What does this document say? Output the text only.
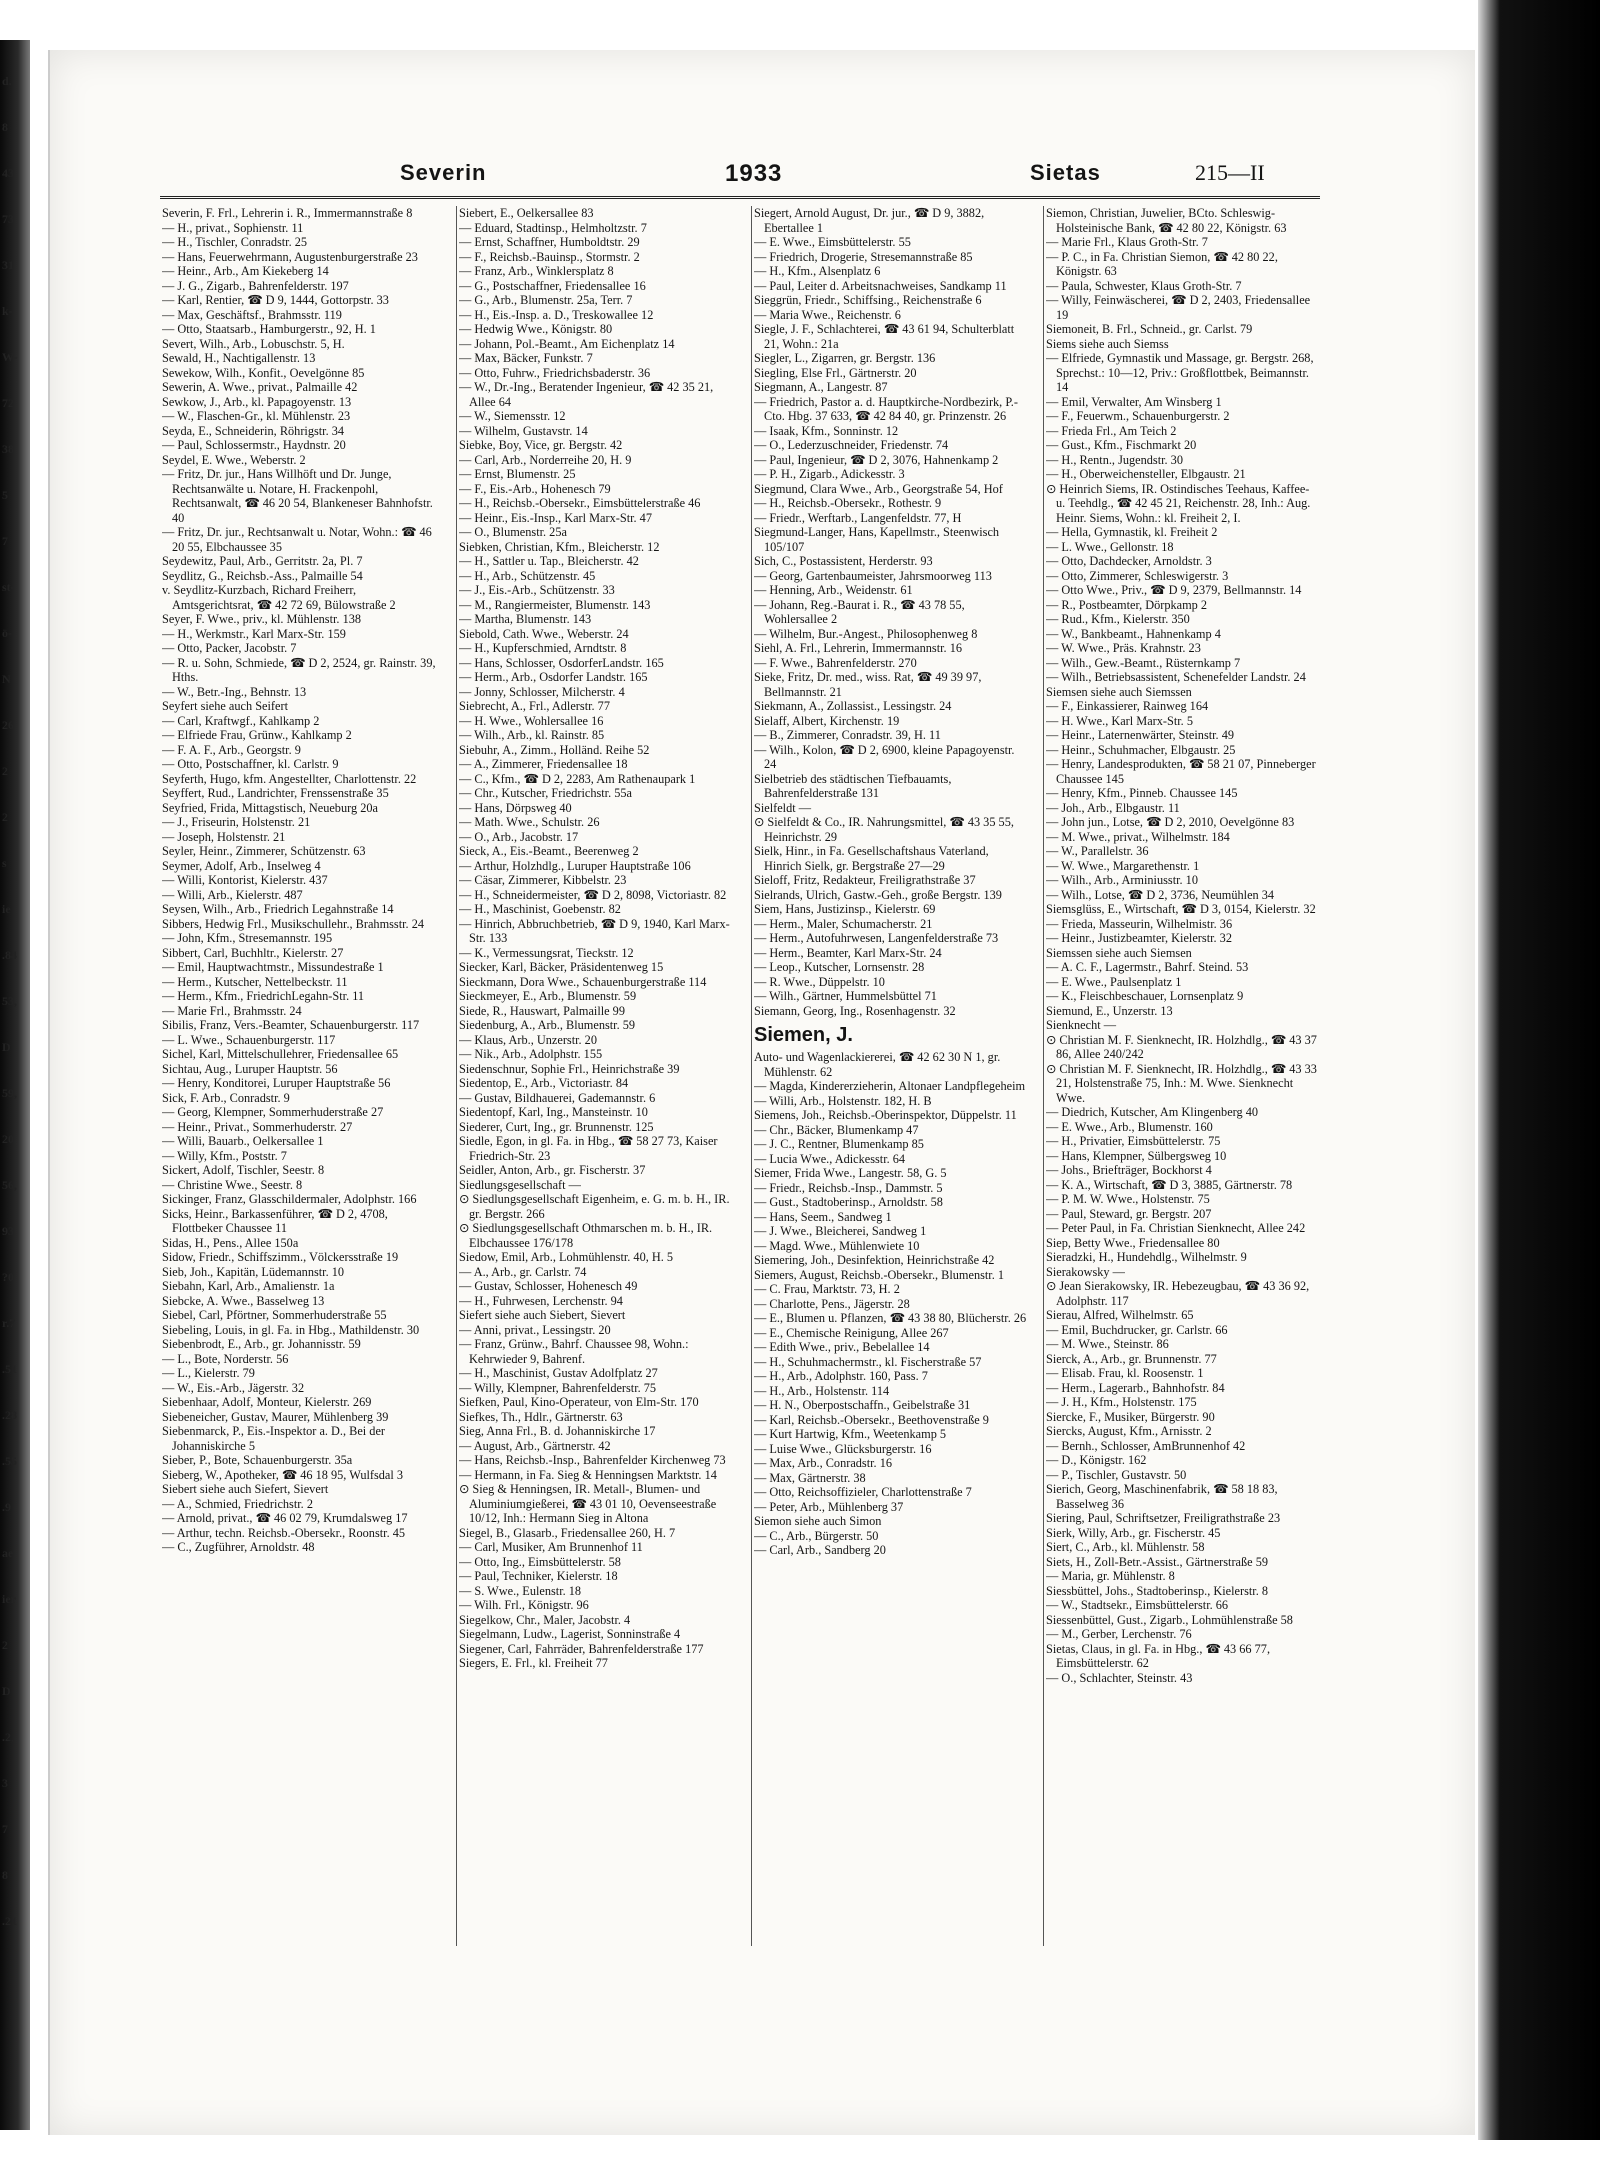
d.
8
43
73
31
k-
W-
72
38
5
7
st-
ö-
N
26
2
2
s
ie
.84
53,
D
59,
20
56,
93
?0
r.7
.51
.28
.55
.9
ae
ier
2
D
.2,
3
7
8
.21
Severin	1933	Sietas	215—II

Severin, F. Frl., Lehrerin i. R., Immermannstraße 8

— H., privat., Sophienstr. 11

— H., Tischler, Conradstr. 25

— Hans, Feuerwehrmann, Augustenburgerstraße 23

— Heinr., Arb., Am Kiekeberg 14

— J. G., Zigarb., Bahrenfelderstr. 197

— Karl, Rentier, ☎ D 9, 1444, Gottorpstr. 33

— Max, Geschäftsf., Brahmsstr. 119

— Otto, Staatsarb., Hamburgerstr., 92, H. 1

Severt, Wilh., Arb., Lobuschstr. 5, H.

Sewald, H., Nachtigallenstr. 13

Sewekow, Wilh., Konfit., Oevelgönne 85

Sewerin, A. Wwe., privat., Palmaille 42

Sewkow, J., Arb., kl. Papagoyenstr. 13

— W., Flaschen-Gr., kl. Mühlenstr. 23

Seyda, E., Schneiderin, Röhrigstr. 34

— Paul, Schlossermstr., Haydnstr. 20

Seydel, E. Wwe., Weberstr. 2

— Fritz, Dr. jur., Hans Willhöft und Dr. Junge, Rechtsanwälte u. Notare, H. Frackenpohl, Rechtsanwalt, ☎ 46 20 54, Blankeneser Bahnhofstr. 40

— Fritz, Dr. jur., Rechtsanwalt u. Notar, Wohn.: ☎ 46 20 55, Elbchaussee 35

Seydewitz, Paul, Arb., Gerritstr. 2a, Pl. 7

Seydlitz, G., Reichsb.-Ass., Palmaille 54

v. Seydlitz-Kurzbach, Richard Freiherr, Amtsgerichtsrat, ☎ 42 72 69, Bülowstraße 2

Seyer, F. Wwe., priv., kl. Mühlenstr. 138

— H., Werkmstr., Karl Marx-Str. 159

— Otto, Packer, Jacobstr. 7

— R. u. Sohn, Schmiede, ☎ D 2, 2524, gr. Rainstr. 39, Hths.

— W., Betr.-Ing., Behnstr. 13

Seyfert siehe auch Seifert

— Carl, Kraftwgf., Kahlkamp 2

— Elfriede Frau, Grünw., Kahlkamp 2

— F. A. F., Arb., Georgstr. 9

— Otto, Postschaffner, kl. Carlstr. 9

Seyferth, Hugo, kfm. Angestellter, Charlottenstr. 22

Seyffert, Rud., Landrichter, Frenssenstraße 35

Seyfried, Frida, Mittagstisch, Neueburg 20a

— J., Friseurin, Holstenstr. 21

— Joseph, Holstenstr. 21

Seyler, Heinr., Zimmerer, Schützenstr. 63

Seymer, Adolf, Arb., Inselweg 4

— Willi, Kontorist, Kielerstr. 437

— Willi, Arb., Kielerstr. 487

Seysen, Wilh., Arb., Friedrich Legahnstraße 14

Sibbers, Hedwig Frl., Musikschullehr., Brahmsstr. 24

— John, Kfm., Stresemannstr. 195

Sibbert, Carl, Buchhltr., Kielerstr. 27

— Emil, Hauptwachtmstr., Missundestraße 1

— Herm., Kutscher, Nettelbeckstr. 11

— Herm., Kfm., FriedrichLegahn-Str. 11

— Marie Frl., Brahmsstr. 24

Sibilis, Franz, Vers.-Beamter, Schauenburgerstr. 117

— L. Wwe., Schauenburgerstr. 117

Sichel, Karl, Mittelschullehrer, Friedensallee 65

Sichtau, Aug., Luruper Hauptstr. 56

— Henry, Konditorei, Luruper Hauptstraße 56

Sick, F. Arb., Conradstr. 9

— Georg, Klempner, Sommerhuderstraße 27

— Heinr., Privat., Sommerhuderstr. 27

— Willi, Bauarb., Oelkersallee 1

— Willy, Kfm., Poststr. 7

Sickert, Adolf, Tischler, Seestr. 8

— Christine Wwe., Seestr. 8

Sickinger, Franz, Glasschildermaler, Adolphstr. 166

Sicks, Heinr., Barkassenführer, ☎ D 2, 4708, Flottbeker Chaussee 11

Sidas, H., Pens., Allee 150a

Sidow, Friedr., Schiffszimm., Völckersstraße 19

Sieb, Joh., Kapitän, Lüdemannstr. 10

Siebahn, Karl, Arb., Amalienstr. 1a

Siebcke, A. Wwe., Basselweg 13

Siebel, Carl, Pförtner, Sommerhuderstraße 55

Siebeling, Louis, in gl. Fa. in Hbg., Mathildenstr. 30

Siebenbrodt, E., Arb., gr. Johannisstr. 59

— L., Bote, Norderstr. 56

— L., Kielerstr. 79

— W., Eis.-Arb., Jägerstr. 32

Siebenhaar, Adolf, Monteur, Kielerstr. 269

Siebeneicher, Gustav, Maurer, Mühlenberg 39

Siebenmarck, P., Eis.-Inspektor a. D., Bei der Johanniskirche 5

Sieber, P., Bote, Schauenburgerstr. 35a

Sieberg, W., Apotheker, ☎ 46 18 95, Wulfsdal 3

Siebert siehe auch Siefert, Sievert

— A., Schmied, Friedrichstr. 2

— Arnold, privat., ☎ 46 02 79, Krumdalsweg 17

— Arthur, techn. Reichsb.-Obersekr., Roonstr. 45

— C., Zugführer, Arnoldstr. 48

Siebert, E., Oelkersallee 83

— Eduard, Stadtinsp., Helmholtzstr. 7

— Ernst, Schaffner, Humboldtstr. 29

— F., Reichsb.-Bauinsp., Stormstr. 2

— Franz, Arb., Winklersplatz 8

— G., Postschaffner, Friedensallee 16

— G., Arb., Blumenstr. 25a, Terr. 7

— H., Eis.-Insp. a. D., Treskowallee 12

— Hedwig Wwe., Königstr. 80

— Johann, Pol.-Beamt., Am Eichenplatz 14

— Max, Bäcker, Funkstr. 7

— Otto, Fuhrw., Friedrichsbaderstr. 36

— W., Dr.-Ing., Beratender Ingenieur, ☎ 42 35 21, Allee 64

— W., Siemensstr. 12

— Wilhelm, Gustavstr. 14

Siebke, Boy, Vice, gr. Bergstr. 42

— Carl, Arb., Norderreihe 20, H. 9

— Ernst, Blumenstr. 25

— F., Eis.-Arb., Hohenesch 79

— H., Reichsb.-Obersekr., Eimsbüttelerstraße 46

— Heinr., Eis.-Insp., Karl Marx-Str. 47

— O., Blumenstr. 25a

Siebken, Christian, Kfm., Bleicherstr. 12

— H., Sattler u. Tap., Bleicherstr. 42

— H., Arb., Schützenstr. 45

— J., Eis.-Arb., Schützenstr. 33

— M., Rangiermeister, Blumenstr. 143

— Martha, Blumenstr. 143

Siebold, Cath. Wwe., Weberstr. 24

— H., Kupferschmied, Arndtstr. 8

— Hans, Schlosser, OsdorferLandstr. 165

— Herm., Arb., Osdorfer Landstr. 165

— Jonny, Schlosser, Milcherstr. 4

Siebrecht, A., Frl., Adlerstr. 77

— H. Wwe., Wohlersallee 16

— Wilh., Arb., kl. Rainstr. 85

Siebuhr, A., Zimm., Holländ. Reihe 52

— A., Zimmerer, Friedensallee 18

— C., Kfm., ☎ D 2, 2283, Am Rathenaupark 1

— Chr., Kutscher, Friedrichstr. 55a

— Hans, Dörpsweg 40

— Math. Wwe., Schulstr. 26

— O., Arb., Jacobstr. 17

Sieck, A., Eis.-Beamt., Beerenweg 2

— Arthur, Holzhdlg., Luruper Hauptstraße 106

— Cäsar, Zimmerer, Kibbelstr. 23

— H., Schneidermeister, ☎ D 2, 8098, Victoriastr. 82

— H., Maschinist, Goebenstr. 82

— Hinrich, Abbruchbetrieb, ☎ D 9, 1940, Karl Marx-Str. 133

— K., Vermessungsrat, Tieckstr. 12

Siecker, Karl, Bäcker, Präsidentenweg 15

Sieckmann, Dora Wwe., Schauenburgerstraße 114

Sieckmeyer, E., Arb., Blumenstr. 59

Siede, R., Hauswart, Palmaille 99

Siedenburg, A., Arb., Blumenstr. 59

— Klaus, Arb., Unzerstr. 20

— Nik., Arb., Adolphstr. 155

Siedenschnur, Sophie Frl., Heinrichstraße 39

Siedentop, E., Arb., Victoriastr. 84

— Gustav, Bildhauerei, Gademannstr. 6

Siedentopf, Karl, Ing., Mansteinstr. 10

Siederer, Curt, Ing., gr. Brunnenstr. 125

Siedle, Egon, in gl. Fa. in Hbg., ☎ 58 27 73, Kaiser Friedrich-Str. 23

Seidler, Anton, Arb., gr. Fischerstr. 37

Siedlungsgesellschaft —

⊙ Siedlungsgesellschaft Eigenheim, e. G. m. b. H., IR. gr. Bergstr. 266

⊙ Siedlungsgesellschaft Othmarschen m. b. H., IR. Elbchaussee 176/178

Siedow, Emil, Arb., Lohmühlenstr. 40, H. 5

— A., Arb., gr. Carlstr. 74

— Gustav, Schlosser, Hohenesch 49

— H., Fuhrwesen, Lerchenstr. 94

Siefert siehe auch Siebert, Sievert

— Anni, privat., Lessingstr. 20

— Franz, Grünw., Bahrf. Chaussee 98, Wohn.: Kehrwieder 9, Bahrenf.

— H., Maschinist, Gustav Adolfplatz 27

— Willy, Klempner, Bahrenfelderstr. 75

Siefken, Paul, Kino-Operateur, von Elm-Str. 170

Siefkes, Th., Hdlr., Gärtnerstr. 63

Sieg, Anna Frl., B. d. Johanniskirche 17

— August, Arb., Gärtnerstr. 42

— Hans, Reichsb.-Insp., Bahrenfelder Kirchenweg 73

— Hermann, in Fa. Sieg & Henningsen Marktstr. 14

⊙ Sieg & Henningsen, IR. Metall-, Blumen- und Aluminiumgießerei, ☎ 43 01 10, Oevenseestraße 10/12, Inh.: Hermann Sieg in Altona

Siegel, B., Glasarb., Friedensallee 260, H. 7

— Carl, Musiker, Am Brunnenhof 11

— Otto, Ing., Eimsbüttelerstr. 58

— Paul, Techniker, Kielerstr. 18

— S. Wwe., Eulenstr. 18

— Wilh. Frl., Königstr. 96

Siegelkow, Chr., Maler, Jacobstr. 4

Siegelmann, Ludw., Lagerist, Sonninstraße 4

Siegener, Carl, Fahrräder, Bahrenfelderstraße 177

Siegers, E. Frl., kl. Freiheit 77

Siegert, Arnold August, Dr. jur., ☎ D 9, 3882, Ebertallee 1

— E. Wwe., Eimsbüttelerstr. 55

— Friedrich, Drogerie, Stresemannstraße 85

— H., Kfm., Alsenplatz 6

— Paul, Leiter d. Arbeitsnachweises, Sandkamp 11

Sieggrün, Friedr., Schiffsing., Reichenstraße 6

— Maria Wwe., Reichenstr. 6

Siegle, J. F., Schlachterei, ☎ 43 61 94, Schulterblatt 21, Wohn.: 21a

Siegler, L., Zigarren, gr. Bergstr. 136

Siegling, Else Frl., Gärtnerstr. 20

Siegmann, A., Langestr. 87

— Friedrich, Pastor a. d. Hauptkirche-Nordbezirk, P.-Cto. Hbg. 37 633, ☎ 42 84 40, gr. Prinzenstr. 26

— Isaak, Kfm., Sonninstr. 12

— O., Lederzuschneider, Friedenstr. 74

— Paul, Ingenieur, ☎ D 2, 3076, Hahnenkamp 2

— P. H., Zigarb., Adickesstr. 3

Siegmund, Clara Wwe., Arb., Georgstraße 54, Hof

— H., Reichsb.-Obersekr., Rothestr. 9

— Friedr., Werftarb., Langenfeldstr. 77, H

Siegmund-Langer, Hans, Kapellmstr., Steenwisch 105/107

Sich, C., Postassistent, Herderstr. 93

— Georg, Gartenbaumeister, Jahrsmoorweg 113

— Henning, Arb., Weidenstr. 61

— Johann, Reg.-Baurat i. R., ☎ 43 78 55, Wohlersallee 2

— Wilhelm, Bur.-Angest., Philosophenweg 8

Siehl, A. Frl., Lehrerin, Immermannstr. 16

— F. Wwe., Bahrenfelderstr. 270

Sieke, Fritz, Dr. med., wiss. Rat, ☎ 49 39 97, Bellmannstr. 21

Siekmann, A., Zollassist., Lessingstr. 24

Sielaff, Albert, Kirchenstr. 19

— B., Zimmerer, Conradstr. 39, H. 11

— Wilh., Kolon, ☎ D 2, 6900, kleine Papagoyenstr. 24

Sielbetrieb des städtischen Tiefbauamts, Bahrenfelderstraße 131

Sielfeldt —

⊙ Sielfeldt & Co., IR. Nahrungsmittel, ☎ 43 35 55, Heinrichstr. 29

Sielk, Hinr., in Fa. Gesellschaftshaus Vaterland, Hinrich Sielk, gr. Bergstraße 27—29

Sieloff, Fritz, Redakteur, Freiligrathstraße 37

Sielrands, Ulrich, Gastw.-Geh., große Bergstr. 139

Siem, Hans, Justizinsp., Kielerstr. 69

— Herm., Maler, Schumacherstr. 21

— Herm., Autofuhrwesen, Langenfelderstraße 73

— Herm., Beamter, Karl Marx-Str. 24

— Leop., Kutscher, Lornsenstr. 28

— R. Wwe., Düppelstr. 10

— Wilh., Gärtner, Hummelsbüttel 71

Siemann, Georg, Ing., Rosenhagenstr. 32

Siemen, J.

Auto- und Wagenlackiererei, ☎ 42 62 30 N 1, gr. Mühlenstr. 62

— Magda, Kindererzieherin, Altonaer Landpflegeheim

— Willi, Arb., Holstenstr. 182, H. B

Siemens, Joh., Reichsb.-Oberinspektor, Düppelstr. 11

— Chr., Bäcker, Blumenkamp 47

— J. C., Rentner, Blumenkamp 85

— Lucia Wwe., Adickesstr. 64

Siemer, Frida Wwe., Langestr. 58, G. 5

— Friedr., Reichsb.-Insp., Dammstr. 5

— Gust., Stadtoberinsp., Arnoldstr. 58

— Hans, Seem., Sandweg 1

— J. Wwe., Bleicherei, Sandweg 1

— Magd. Wwe., Mühlenwiete 10

Siemering, Joh., Desinfektion, Heinrichstraße 42

Siemers, August, Reichsb.-Obersekr., Blumenstr. 1

— C. Frau, Marktstr. 73, H. 2

— Charlotte, Pens., Jägerstr. 28

— E., Blumen u. Pflanzen, ☎ 43 38 80, Blücherstr. 26

— E., Chemische Reinigung, Allee 267

— Edith Wwe., priv., Bebelallee 14

— H., Schuhmachermstr., kl. Fischerstraße 57

— H., Arb., Adolphstr. 160, Pass. 7

— H., Arb., Holstenstr. 114

— H. N., Oberpostschaffn., Geibelstraße 31

— Karl, Reichsb.-Obersekr., Beethovenstraße 9

— Kurt Hartwig, Kfm., Weetenkamp 5

— Luise Wwe., Glücksburgerstr. 16

— Max, Arb., Conradstr. 16

— Max, Gärtnerstr. 38

— Otto, Reichsoffizieler, Charlottenstraße 7

— Peter, Arb., Mühlenberg 37

Siemon siehe auch Simon

— C., Arb., Bürgerstr. 50

— Carl, Arb., Sandberg 20

Siemon, Christian, Juwelier, BCto. Schleswig-Holsteinische Bank, ☎ 42 80 22, Königstr. 63

— Marie Frl., Klaus Groth-Str. 7

— P. C., in Fa. Christian Siemon, ☎ 42 80 22, Königstr. 63

— Paula, Schwester, Klaus Groth-Str. 7

— Willy, Feinwäscherei, ☎ D 2, 2403, Friedensallee 19

Siemoneit, B. Frl., Schneid., gr. Carlst. 79

Siems siehe auch Siemss

— Elfriede, Gymnastik und Massage, gr. Bergstr. 268, Sprechst.: 10—12, Priv.: Großflottbek, Beimannstr. 14

— Emil, Verwalter, Am Winsberg 1

— F., Feuerwm., Schauenburgerstr. 2

— Frieda Frl., Am Teich 2

— Gust., Kfm., Fischmarkt 20

— H., Rentn., Jugendstr. 30

— H., Oberweichensteller, Elbgaustr. 21

⊙ Heinrich Siems, IR. Ostindisches Teehaus, Kaffee- u. Teehdlg., ☎ 42 45 21, Reichenstr. 28, Inh.: Aug. Heinr. Siems, Wohn.: kl. Freiheit 2, I.

— Hella, Gymnastik, kl. Freiheit 2

— L. Wwe., Gellonstr. 18

— Otto, Dachdecker, Arnoldstr. 3

— Otto, Zimmerer, Schleswigerstr. 3

— Otto Wwe., Priv., ☎ D 9, 2379, Bellmannstr. 14

— R., Postbeamter, Dörpkamp 2

— Rud., Kfm., Kielerstr. 350

— W., Bankbeamt., Hahnenkamp 4

— W. Wwe., Präs. Krahnstr. 23

— Wilh., Gew.-Beamt., Rüsternkamp 7

— Wilh., Betriebsassistent, Schenefelder Landstr. 24

Siemsen siehe auch Siemssen

— F., Einkassierer, Rainweg 164

— H. Wwe., Karl Marx-Str. 5

— Heinr., Laternenwärter, Steinstr. 49

— Heinr., Schuhmacher, Elbgaustr. 25

— Henry, Landesprodukten, ☎ 58 21 07, Pinneberger Chaussee 145

— Henry, Kfm., Pinneb. Chaussee 145

— Joh., Arb., Elbgaustr. 11

— John jun., Lotse, ☎ D 2, 2010, Oevelgönne 83

— M. Wwe., privat., Wilhelmstr. 184

— W., Parallelstr. 36

— W. Wwe., Margarethenstr. 1

— Wilh., Arb., Arminiusstr. 10

— Wilh., Lotse, ☎ D 2, 3736, Neumühlen 34

Siemsglüss, E., Wirtschaft, ☎ D 3, 0154, Kielerstr. 32

— Frieda, Masseurin, Wilhelmistr. 36

— Heinr., Justizbeamter, Kielerstr. 32

Siemssen siehe auch Siemsen

— A. C. F., Lagermstr., Bahrf. Steind. 53

— E. Wwe., Paulsenplatz 1

— K., Fleischbeschauer, Lornsenplatz 9

Siemund, E., Unzerstr. 13

Sienknecht —

⊙ Christian M. F. Sienknecht, IR. Holzhdlg., ☎ 43 37 86, Allee 240/242

⊙ Christian M. F. Sienknecht, IR. Holzhdlg., ☎ 43 33 21, Holstenstraße 75, Inh.: M. Wwe. Sienknecht Wwe.

— Diedrich, Kutscher, Am Klingenberg 40

— E. Wwe., Arb., Blumenstr. 160

— H., Privatier, Eimsbüttelerstr. 75

— Hans, Klempner, Sülbergsweg 10

— Johs., Briefträger, Bockhorst 4

— K. A., Wirtschaft, ☎ D 3, 3885, Gärtnerstr. 78

— P. M. W. Wwe., Holstenstr. 75

— Paul, Steward, gr. Bergstr. 207

— Peter Paul, in Fa. Christian Sienknecht, Allee 242

Siep, Betty Wwe., Friedensallee 80

Sieradzki, H., Hundehdlg., Wilhelmstr. 9

Sierakowsky —

⊙ Jean Sierakowsky, IR. Hebezeugbau, ☎ 43 36 92, Adolphstr. 117

Sierau, Alfred, Wilhelmstr. 65

— Emil, Buchdrucker, gr. Carlstr. 66

— M. Wwe., Steinstr. 86

Sierck, A., Arb., gr. Brunnenstr. 77

— Elisab. Frau, kl. Roosenstr. 1

— Herm., Lagerarb., Bahnhofstr. 84

— J. H., Kfm., Holstenstr. 175

Siercke, F., Musiker, Bürgerstr. 90

Siercks, August, Kfm., Arnisstr. 2

— Bernh., Schlosser, AmBrunnenhof 42

— D., Königstr. 162

— P., Tischler, Gustavstr. 50

Sierich, Georg, Maschinenfabrik, ☎ 58 18 83, Basselweg 36

Siering, Paul, Schriftsetzer, Freiligrathstraße 23

Sierk, Willy, Arb., gr. Fischerstr. 45

Siert, C., Arb., kl. Mühlenstr. 58

Siets, H., Zoll-Betr.-Assist., Gärtnerstraße 59

— Maria, gr. Mühlenstr. 8

Siessbüttel, Johs., Stadtoberinsp., Kielerstr. 8

— W., Stadtsekr., Eimsbüttelerstr. 66

Siessenbüttel, Gust., Zigarb., Lohmühlenstraße 58

— M., Gerber, Lerchenstr. 76

Sietas, Claus, in gl. Fa. in Hbg., ☎ 43 66 77, Eimsbüttelerstr. 62

— O., Schlachter, Steinstr. 43
